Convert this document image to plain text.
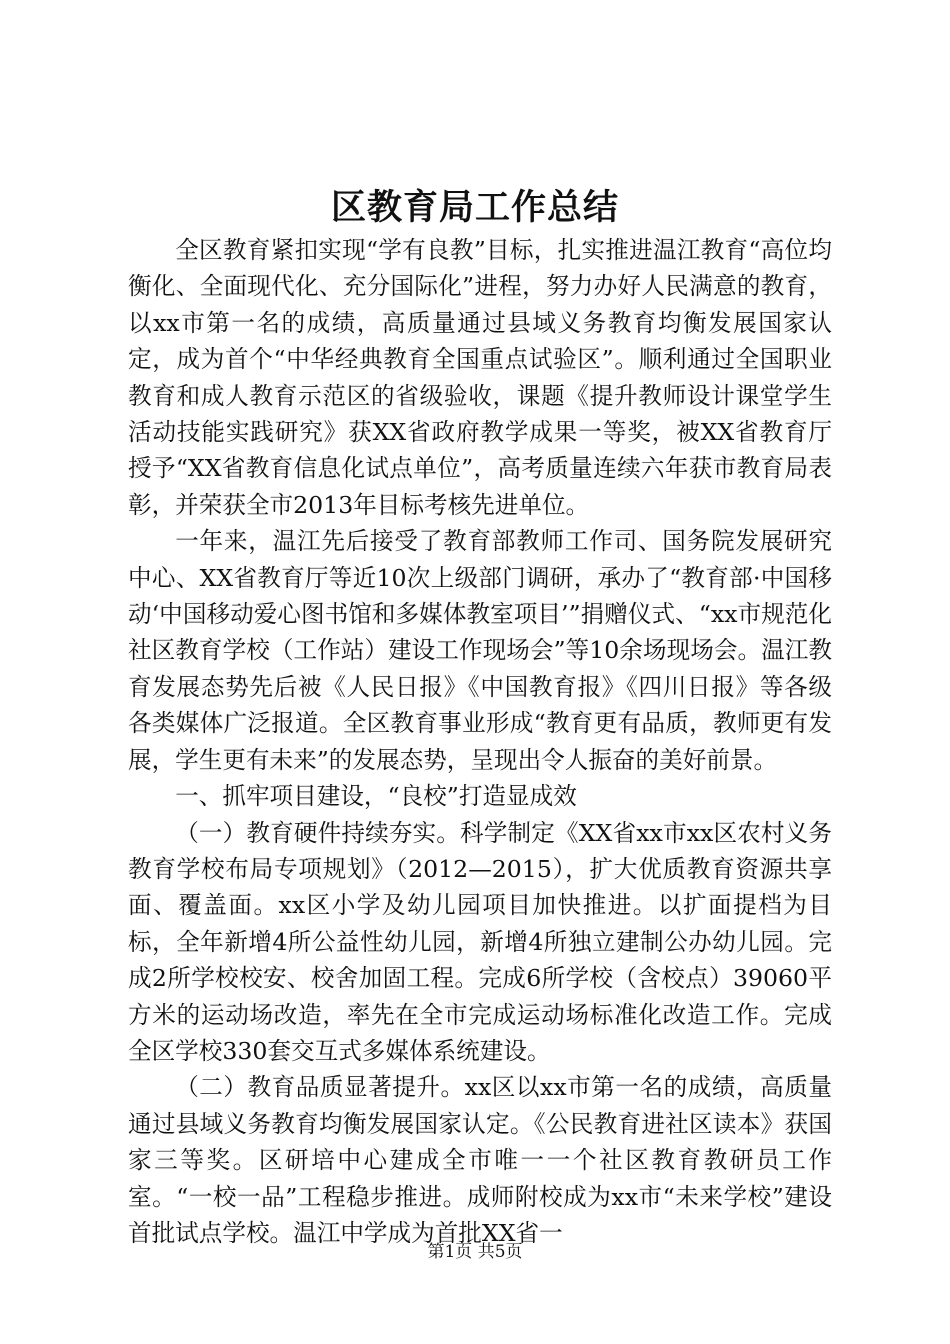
区教育局工作总结

全区教育紧扣实现“学有良教”目标，扎实推进温江教育“高位均衡化、全面现代化、充分国际化”进程，努力办好人民满意的教育，以xx市第一名的成绩，高质量通过县域义务教育均衡发展国家认定，成为首个“中华经典教育全国重点试验区”。顺利通过全国职业教育和成人教育示范区的省级验收，课题《提升教师设计课堂学生活动技能实践研究》获XX省政府教学成果一等奖，被XX省教育厅授予“XX省教育信息化试点单位”，高考质量连续六年获市教育局表彰，并荣获全市2013年目标考核先进单位。

一年来，温江先后接受了教育部教师工作司、国务院发展研究中心、XX省教育厅等近10次上级部门调研，承办了“教育部·中国移动‘中国移动爱心图书馆和多媒体教室项目’”捐赠仪式、“xx市规范化社区教育学校（工作站）建设工作现场会”等10余场现场会。温江教育发展态势先后被《人民日报》《中国教育报》《四川日报》等各级各类媒体广泛报道。全区教育事业形成“教育更有品质，教师更有发展，学生更有未来”的发展态势，呈现出令人振奋的美好前景。

一、抓牢项目建设，“良校”打造显成效

（一）教育硬件持续夯实。科学制定《XX省xx市xx区农村义务教育学校布局专项规划》（2012—2015），扩大优质教育资源共享面、覆盖面。xx区小学及幼儿园项目加快推进。以扩面提档为目标，全年新增4所公益性幼儿园，新增4所独立建制公办幼儿园。完成2所学校校安、校舍加固工程。完成6所学校（含校点）39060平方米的运动场改造，率先在全市完成运动场标准化改造工作。完成全区学校330套交互式多媒体系统建设。

（二）教育品质显著提升。xx区以xx市第一名的成绩，高质量通过县域义务教育均衡发展国家认定。《公民教育进社区读本》获国家三等奖。区研培中心建成全市唯一一个社区教育教研员工作室。“一校一品”工程稳步推进。成师附校成为xx市“未来学校”建设首批试点学校。温江中学成为首批XX省一

第1页 共5页
